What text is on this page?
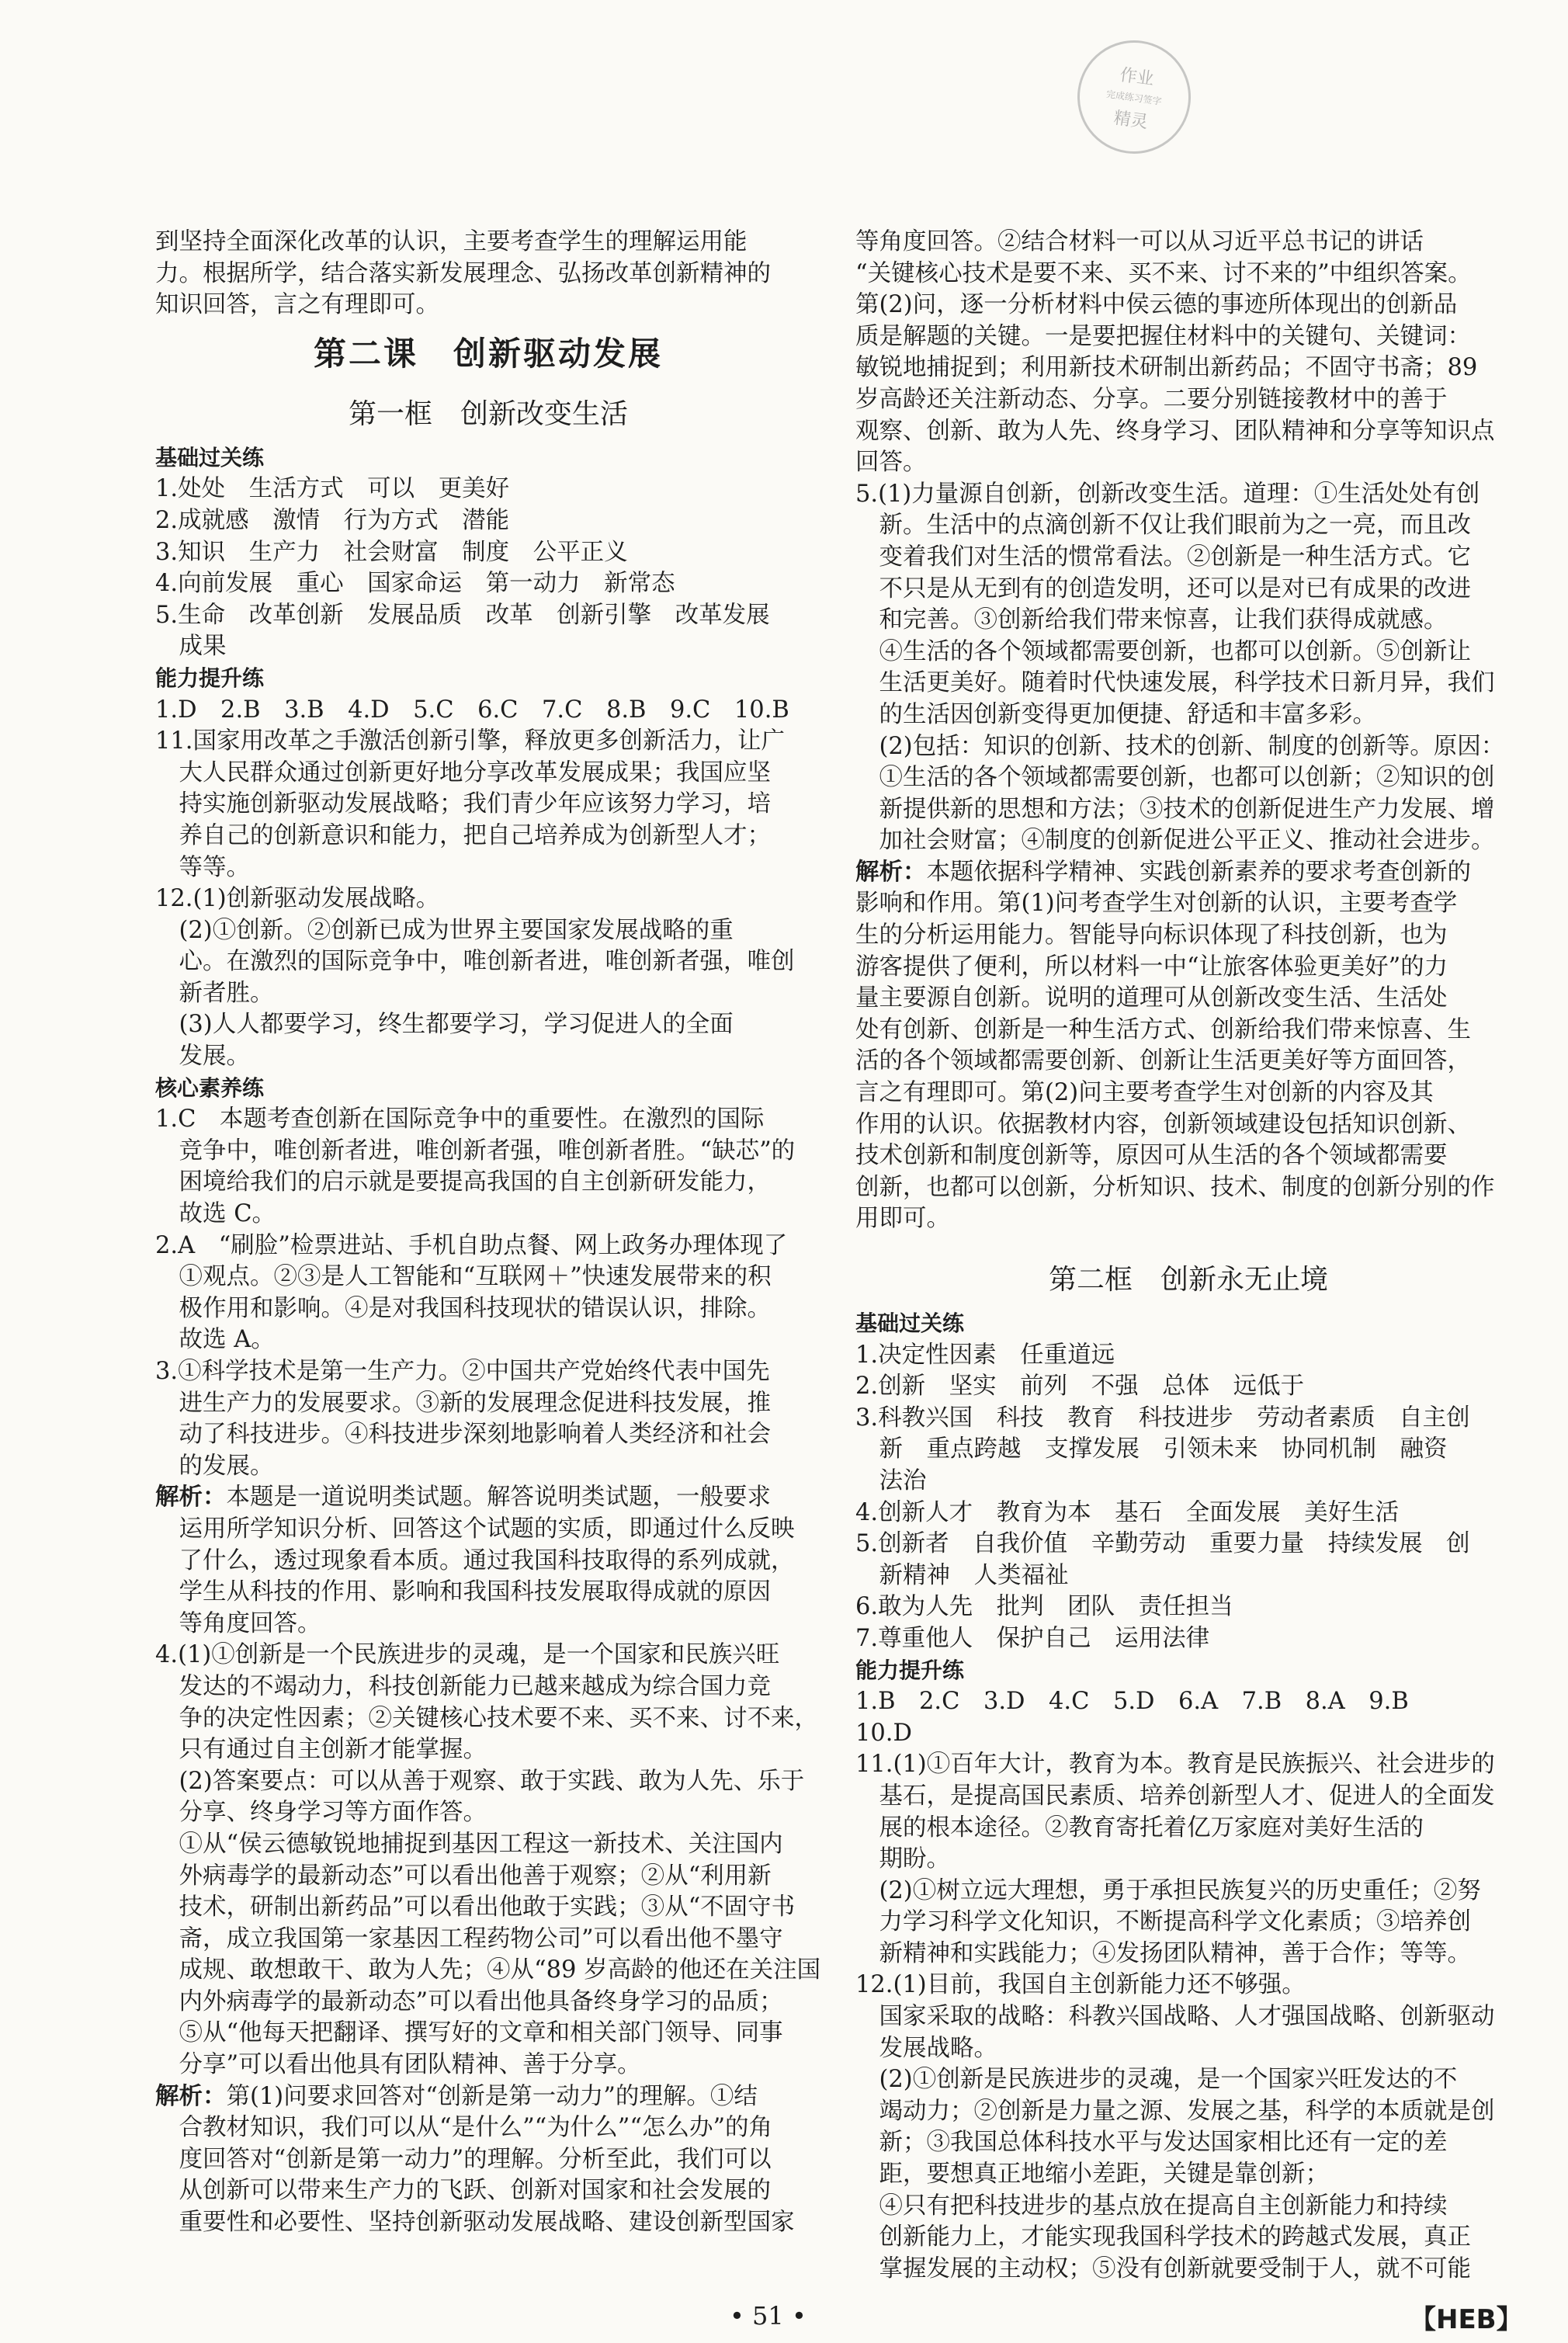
作业
完成练习签字
精灵
到坚持全面深化改革的认识，主要考查学生的理解运用能
力。根据所学，结合落实新发展理念、弘扬改革创新精神的
知识回答，言之有理即可。
第二课　创新驱动发展
第一框　创新改变生活
基础过关练
1.处处　生活方式　可以　更美好
2.成就感　激情　行为方式　潜能
3.知识　生产力　社会财富　制度　公平正义
4.向前发展　重心　国家命运　第一动力　新常态
5.生命　改革创新　发展品质　改革　创新引擎　改革发展
　成果
能力提升练
1.D　2.B　3.B　4.D　5.C　6.C　7.C　8.B　9.C　10.B
11.国家用改革之手激活创新引擎，释放更多创新活力，让广
　大人民群众通过创新更好地分享改革发展成果；我国应坚
　持实施创新驱动发展战略；我们青少年应该努力学习，培
　养自己的创新意识和能力，把自己培养成为创新型人才；
　等等。
12.(1)创新驱动发展战略。
　(2)①创新。②创新已成为世界主要国家发展战略的重
　心。在激烈的国际竞争中，唯创新者进，唯创新者强，唯创
　新者胜。
　(3)人人都要学习，终生都要学习，学习促进人的全面
　发展。
核心素养练
1.C　本题考查创新在国际竞争中的重要性。在激烈的国际
　竞争中，唯创新者进，唯创新者强，唯创新者胜。“缺芯”的
　困境给我们的启示就是要提高我国的自主创新研发能力，
　故选 C。
2.A　“刷脸”检票进站、手机自助点餐、网上政务办理体现了
　①观点。②③是人工智能和“互联网＋”快速发展带来的积
　极作用和影响。④是对我国科技现状的错误认识，排除。
　故选 A。
3.①科学技术是第一生产力。②中国共产党始终代表中国先
　进生产力的发展要求。③新的发展理念促进科技发展，推
　动了科技进步。④科技进步深刻地影响着人类经济和社会
　的发展。
解析：本题是一道说明类试题。解答说明类试题，一般要求
　运用所学知识分析、回答这个试题的实质，即通过什么反映
　了什么，透过现象看本质。通过我国科技取得的系列成就，
　学生从科技的作用、影响和我国科技发展取得成就的原因
　等角度回答。
4.(1)①创新是一个民族进步的灵魂，是一个国家和民族兴旺
　发达的不竭动力，科技创新能力已越来越成为综合国力竞
　争的决定性因素；②关键核心技术要不来、买不来、讨不来，
　只有通过自主创新才能掌握。
　(2)答案要点：可以从善于观察、敢于实践、敢为人先、乐于
　分享、终身学习等方面作答。
　①从“侯云德敏锐地捕捉到基因工程这一新技术、关注国内
　外病毒学的最新动态”可以看出他善于观察；②从“利用新
　技术，研制出新药品”可以看出他敢于实践；③从“不固守书
　斋，成立我国第一家基因工程药物公司”可以看出他不墨守
　成规、敢想敢干、敢为人先；④从“89 岁高龄的他还在关注国
　内外病毒学的最新动态”可以看出他具备终身学习的品质；
　⑤从“他每天把翻译、撰写好的文章和相关部门领导、同事
　分享”可以看出他具有团队精神、善于分享。
解析：第(1)问要求回答对“创新是第一动力”的理解。①结
　合教材知识，我们可以从“是什么”“为什么”“怎么办”的角
　度回答对“创新是第一动力”的理解。分析至此，我们可以
　从创新可以带来生产力的飞跃、创新对国家和社会发展的
　重要性和必要性、坚持创新驱动发展战略、建设创新型国家
等角度回答。②结合材料一可以从习近平总书记的讲话
“关键核心技术是要不来、买不来、讨不来的”中组织答案。
第(2)问，逐一分析材料中侯云德的事迹所体现出的创新品
质是解题的关键。一是要把握住材料中的关键句、关键词：
敏锐地捕捉到；利用新技术研制出新药品；不固守书斋；89
岁高龄还关注新动态、分享。二要分别链接教材中的善于
观察、创新、敢为人先、终身学习、团队精神和分享等知识点
回答。
5.(1)力量源自创新，创新改变生活。道理：①生活处处有创
　新。生活中的点滴创新不仅让我们眼前为之一亮，而且改
　变着我们对生活的惯常看法。②创新是一种生活方式。它
　不只是从无到有的创造发明，还可以是对已有成果的改进
　和完善。③创新给我们带来惊喜，让我们获得成就感。
　④生活的各个领域都需要创新，也都可以创新。⑤创新让
　生活更美好。随着时代快速发展，科学技术日新月异，我们
　的生活因创新变得更加便捷、舒适和丰富多彩。
　(2)包括：知识的创新、技术的创新、制度的创新等。原因：
　①生活的各个领域都需要创新，也都可以创新；②知识的创
　新提供新的思想和方法；③技术的创新促进生产力发展、增
　加社会财富；④制度的创新促进公平正义、推动社会进步。
解析：本题依据科学精神、实践创新素养的要求考查创新的
影响和作用。第(1)问考查学生对创新的认识，主要考查学
生的分析运用能力。智能导向标识体现了科技创新，也为
游客提供了便利，所以材料一中“让旅客体验更美好”的力
量主要源自创新。说明的道理可从创新改变生活、生活处
处有创新、创新是一种生活方式、创新给我们带来惊喜、生
活的各个领域都需要创新、创新让生活更美好等方面回答，
言之有理即可。第(2)问主要考查学生对创新的内容及其
作用的认识。依据教材内容，创新领域建设包括知识创新、
技术创新和制度创新等，原因可从生活的各个领域都需要
创新，也都可以创新，分析知识、技术、制度的创新分别的作
用即可。
第二框　创新永无止境
基础过关练
1.决定性因素　任重道远
2.创新　坚实　前列　不强　总体　远低于
3.科教兴国　科技　教育　科技进步　劳动者素质　自主创
　新　重点跨越　支撑发展　引领未来　协同机制　融资
　法治
4.创新人才　教育为本　基石　全面发展　美好生活
5.创新者　自我价值　辛勤劳动　重要力量　持续发展　创
　新精神　人类福祉
6.敢为人先　批判　团队　责任担当
7.尊重他人　保护自己　运用法律
能力提升练
1.B　2.C　3.D　4.C　5.D　6.A　7.B　8.A　9.B
10.D
11.(1)①百年大计，教育为本。教育是民族振兴、社会进步的
　基石，是提高国民素质、培养创新型人才、促进人的全面发
　展的根本途径。②教育寄托着亿万家庭对美好生活的
　期盼。
　(2)①树立远大理想，勇于承担民族复兴的历史重任；②努
　力学习科学文化知识，不断提高科学文化素质；③培养创
　新精神和实践能力；④发扬团队精神，善于合作；等等。
12.(1)目前，我国自主创新能力还不够强。
　国家采取的战略：科教兴国战略、人才强国战略、创新驱动
　发展战略。
　(2)①创新是民族进步的灵魂，是一个国家兴旺发达的不
　竭动力；②创新是力量之源、发展之基，科学的本质就是创
　新；③我国总体科技水平与发达国家相比还有一定的差
　距，要想真正地缩小差距，关键是靠创新；
　④只有把科技进步的基点放在提高自主创新能力和持续
　创新能力上，才能实现我国科学技术的跨越式发展，真正
　掌握发展的主动权；⑤没有创新就要受制于人，就不可能
• 51 •	【HEB】
